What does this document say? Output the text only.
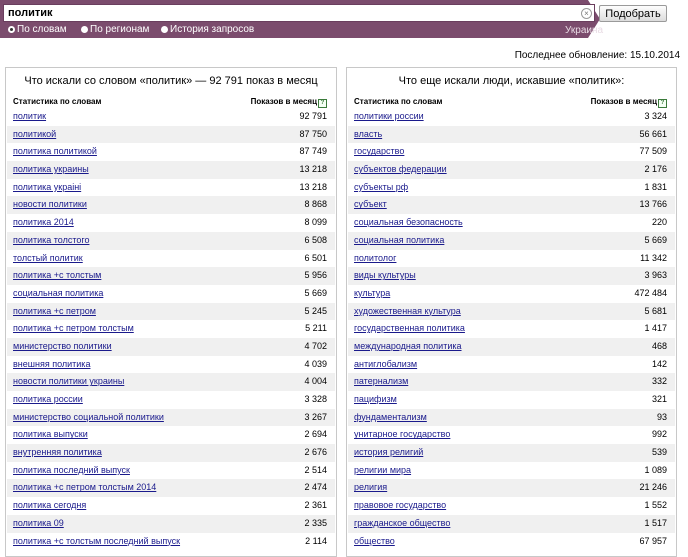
политик
×	Подобрать
По словам	По регионам	История запросов	Украина
Последнее обновление: 15.10.2014
Что искали со словом «политик» — 92 791 показ в месяц
Статистика по словам	Показов в месяц ?
политик	92 791
политикой	87 750
политика политикой	87 749
политика украины	13 218
политика украіні	13 218
новости политики	8 868
политика 2014	8 099
политика толстого	6 508
толстый политик	6 501
политика +с толстым	5 956
социальная политика	5 669
политика +с петром	5 245
политика +с петром толстым	5 211
министерство политики	4 702
внешняя политика	4 039
новости политики украины	4 004
политика россии	3 328
министерство социальной политики	3 267
политика выпуски	2 694
внутренняя политика	2 676
политика последний выпуск	2 514
политика +с петром толстым 2014	2 474
политика сегодня	2 361
политика 09	2 335
политика +с толстым последний выпуск	2 114
Что еще искали люди, искавшие «политик»:
Статистика по словам	Показов в месяц ?
политики россии	3 324
власть	56 661
государство	77 509
субъектов федерации	2 176
субъекты рф	1 831
субъект	13 766
социальная безопасность	220
социальная политика	5 669
политолог	11 342
виды культуры	3 963
культура	472 484
художественная культура	5 681
государственная политика	1 417
международная политика	468
антиглобализм	142
патернализм	332
пацифизм	321
фундаментализм	93
унитарное государство	992
история религий	539
религии мира	1 089
религия	21 246
правовое государство	1 552
гражданское общество	1 517
общество	67 957
